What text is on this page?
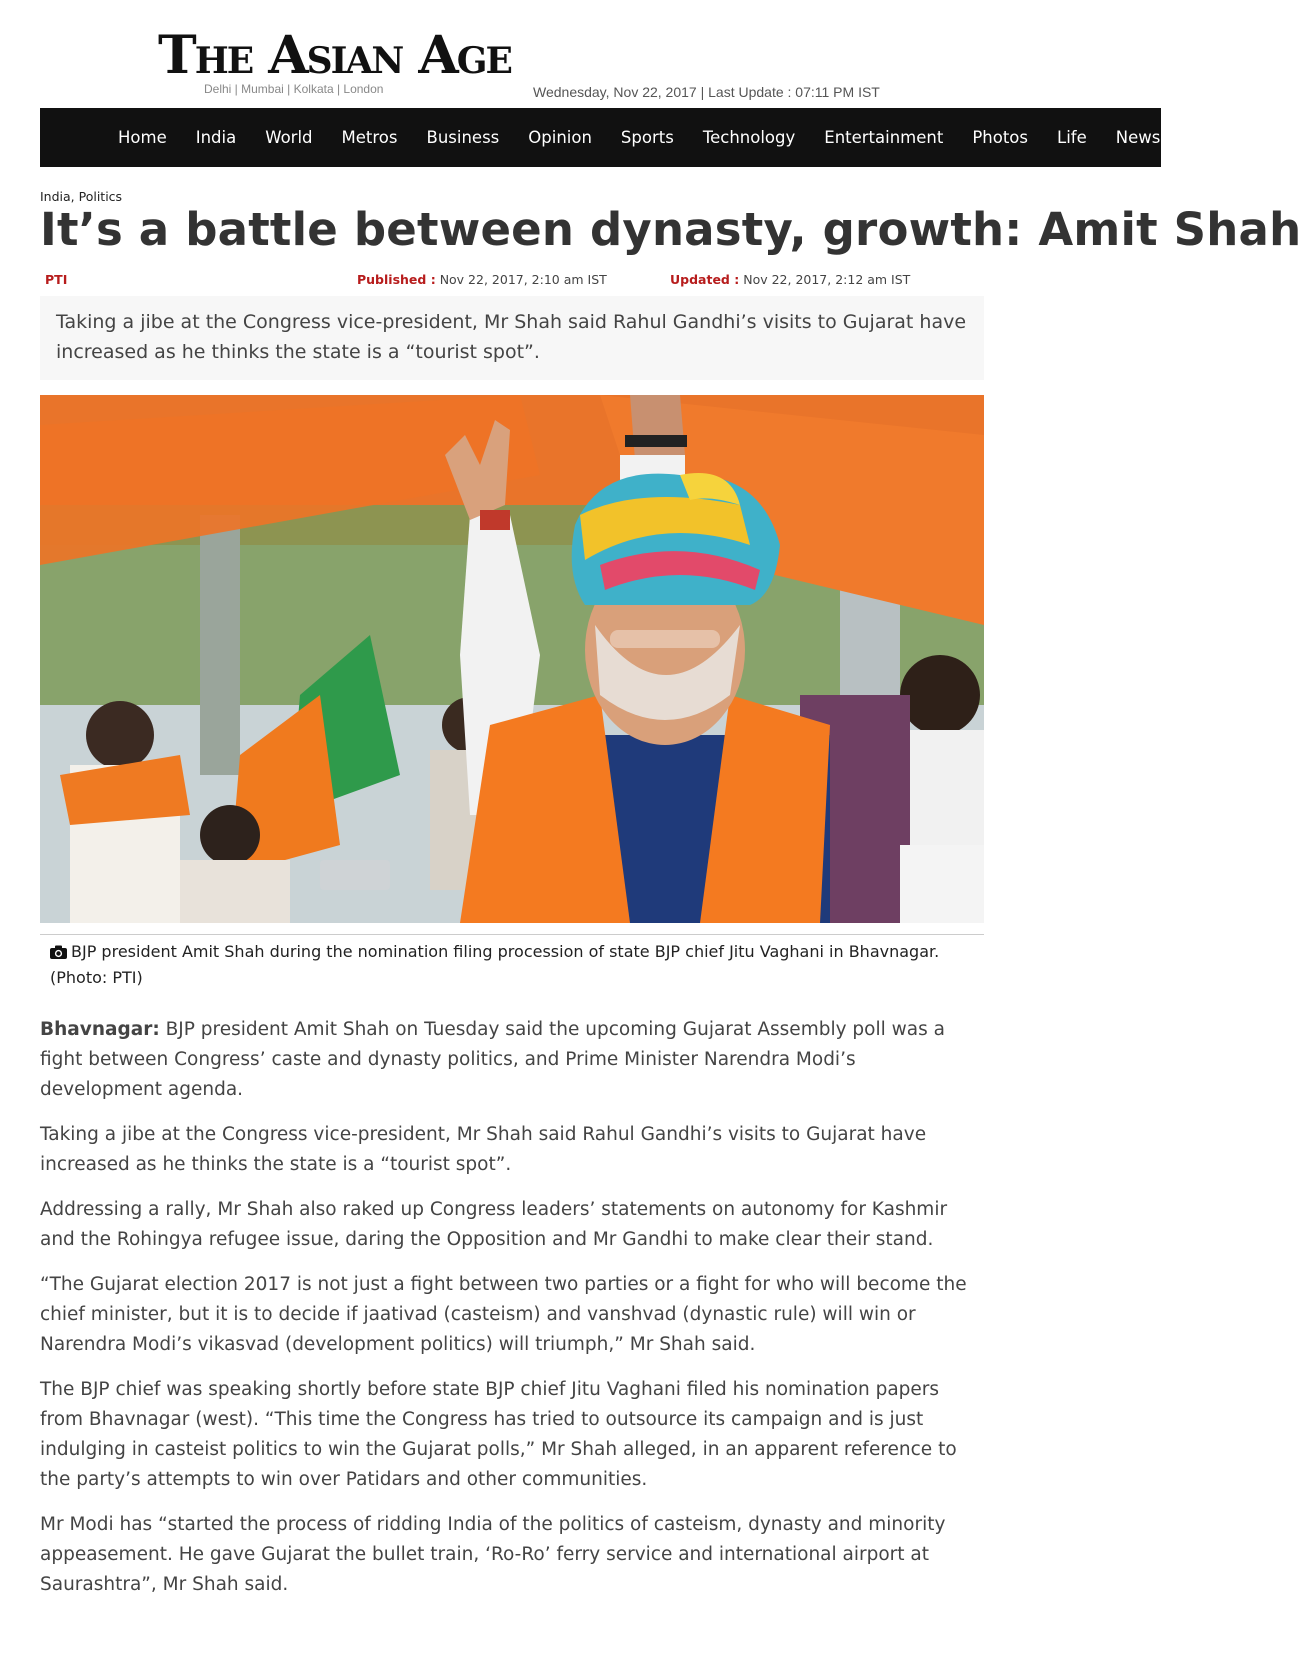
The Asian Age
Delhi | Mumbai | Kolkata | London	Wednesday, Nov 22, 2017 | Last Update : 07:11 PM IST
Home India World Metros Business Opinion Sports Technology Entertainment Photos Life Newsmakers
India, Politics
It’s a battle between dynasty, growth: Amit Shah
PTI	Published : Nov 22, 2017, 2:10 am IST	Updated : Nov 22, 2017, 2:12 am IST
Taking a jibe at the Congress vice-president, Mr Shah said Rahul Gandhi’s visits to Gujarat have increased as he thinks the state is a “tourist spot”.
BJP president Amit Shah during the nomination filing procession of state BJP chief Jitu Vaghani in Bhavnagar. (Photo: PTI)

Bhavnagar: BJP president Amit Shah on Tuesday said the upcoming Gujarat Assembly poll was a fight between Congress’ caste and dynasty politics, and Prime Minister Narendra Modi’s development agenda.

Taking a jibe at the Congress vice-president, Mr Shah said Rahul Gandhi’s visits to Gujarat have increased as he thinks the state is a “tourist spot”.

Addressing a rally, Mr Shah also raked up Congress leaders’ statements on autonomy for Kashmir and the Rohingya refugee issue, daring the Opposition and Mr Gandhi to make clear their stand.

“The Gujarat election 2017 is not just a fight between two parties or a fight for who will become the chief minister, but it is to decide if jaativad (casteism) and vanshvad (dynastic rule) will win or Narendra Modi’s vikasvad (development politics) will triumph,” Mr Shah said.

The BJP chief was speaking shortly before state BJP chief Jitu Vaghani filed his nomination papers from Bhavnagar (west). “This time the Congress has tried to outsource its campaign and is just indulging in casteist politics to win the Gujarat polls,” Mr Shah alleged, in an apparent reference to the party’s attempts to win over Patidars and other communities.

Mr Modi has “started the process of ridding India of the politics of casteism, dynasty and minority appeasement. He gave Gujarat the bullet train, ‘Ro-Ro’ ferry service and international airport at Saurashtra”, Mr Shah said.
